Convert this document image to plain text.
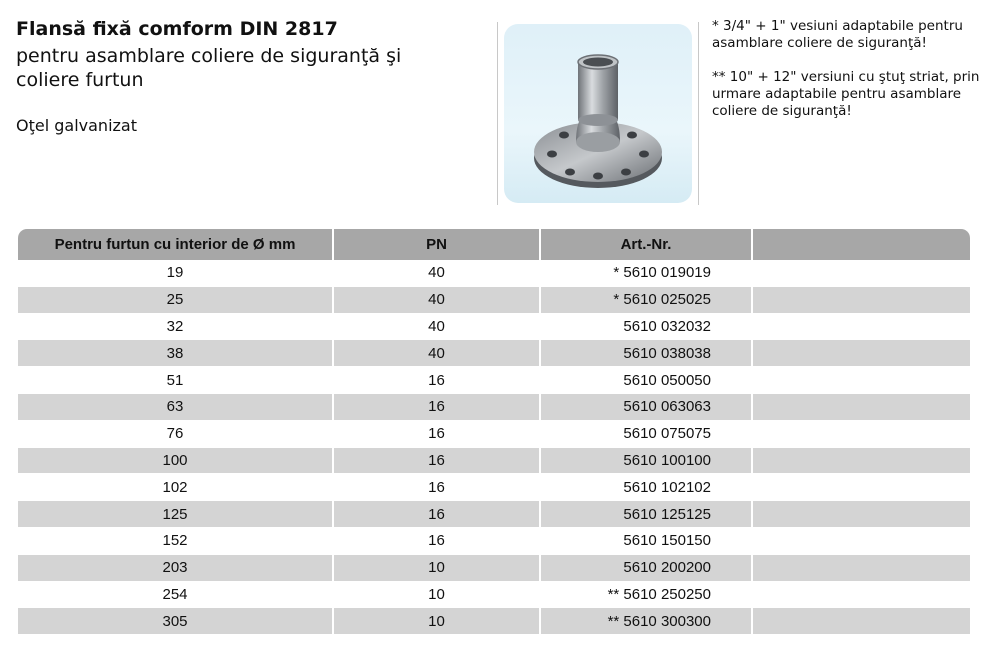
Flansă fixă comform DIN 2817
pentru asamblare coliere de siguranţă şi coliere furtun
Oţel galvanizat

* 3/4" + 1" vesiuni adaptabile pentru asamblare coliere de siguranţă!

** 10" + 12" versiuni cu ştuţ striat, prin urmare adaptabile pentru asamblare coliere de siguranţă!

Pentru furtun cu interior de Ø mm	PN	Art.-Nr.	
19	40	* 5610 019019	
25	40	* 5610 025025	
32	40	5610 032032	
38	40	5610 038038	
51	16	5610 050050	
63	16	5610 063063	
76	16	5610 075075	
100	16	5610 100100	
102	16	5610 102102	
125	16	5610 125125	
152	16	5610 150150	
203	10	5610 200200	
254	10	** 5610 250250	
305	10	** 5610 300300	
